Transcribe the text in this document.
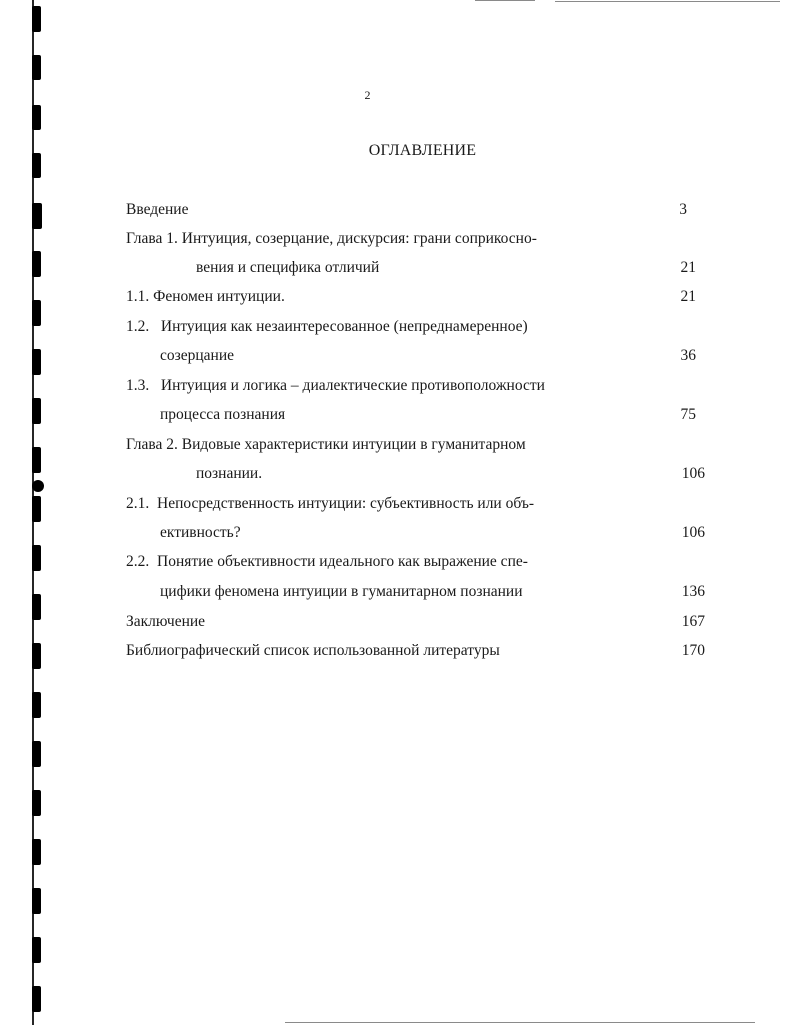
2
ОГЛАВЛЕНИЕ
Введение	3
Глава 1. Интуиция, созерцание, дискурсия: грани соприкосно-
вения и специфика отличий	21
1.1. Феномен интуиции.	21
1.2.   Интуиция как незаинтересованное (непреднамеренное)
созерцание	36
1.3.   Интуиция и логика – диалектические противоположности
процесса познания	75
Глава 2. Видовые характеристики интуиции в гуманитарном
познании.	106
2.1.  Непосредственность интуиции: субъективность или объ-
ективность?	106
2.2.  Понятие объективности идеального как выражение спе-
цифики феномена интуиции в гуманитарном познании	136
Заключение	167
Библиографический список использованной литературы	170
